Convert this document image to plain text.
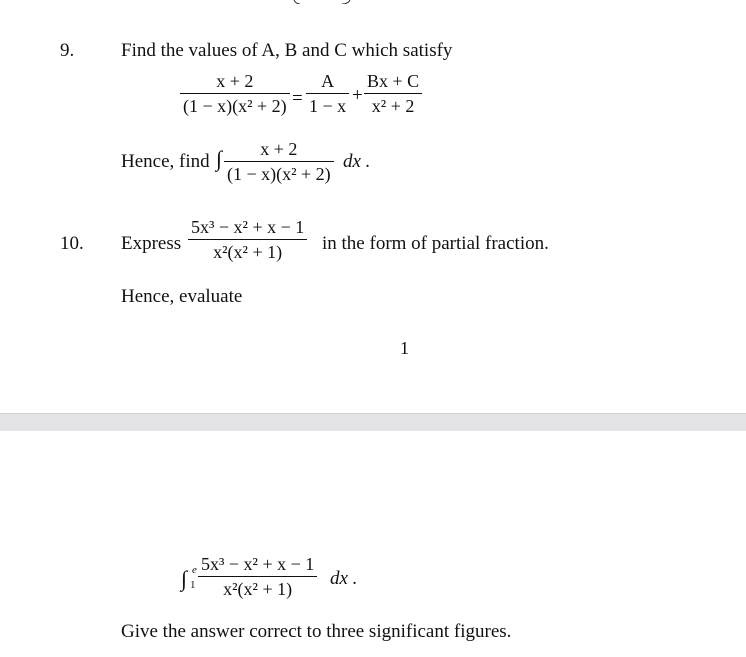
9. Find the values of A, B and C which satisfy
x + 2
(1 − x)(x² + 2) =
A
1 − x
+
Bx + C
x² + 2
Hence, find ∫ x + 2
(1 − x)(x² + 2)
dx .
10. Express
5x³ − x² + x − 1
x²(x² + 1) in the form of partial fraction.
Hence, evaluate
1
∫ e
1
5x³ − x² + x − 1
x²(x² + 1)
dx .
Give the answer correct to three significant figures.
